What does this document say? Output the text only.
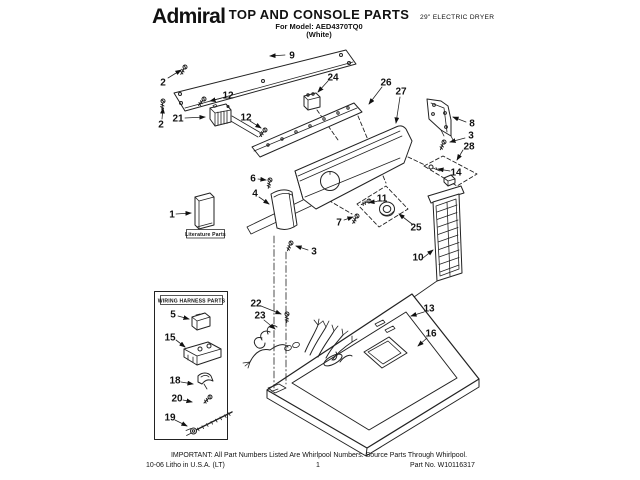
Admiral TOP AND CONSOLE PARTS
For Model: AED4370TQ0
(White)
29" ELECTRIC DRYER
Literature Parts
WIRING HARNESS PARTS
9
2
2
12
21	12
24	26
27
8
3
28
14
6
4
3
7
11
25
10
13
16
22
23
1
5
15
18
20
19
IMPORTANT: All Part Numbers Listed Are Whirlpool Numbers. Source Parts Through Whirlpool.
10-06 Litho in U.S.A. (LT)	1	Part No. W10116317
